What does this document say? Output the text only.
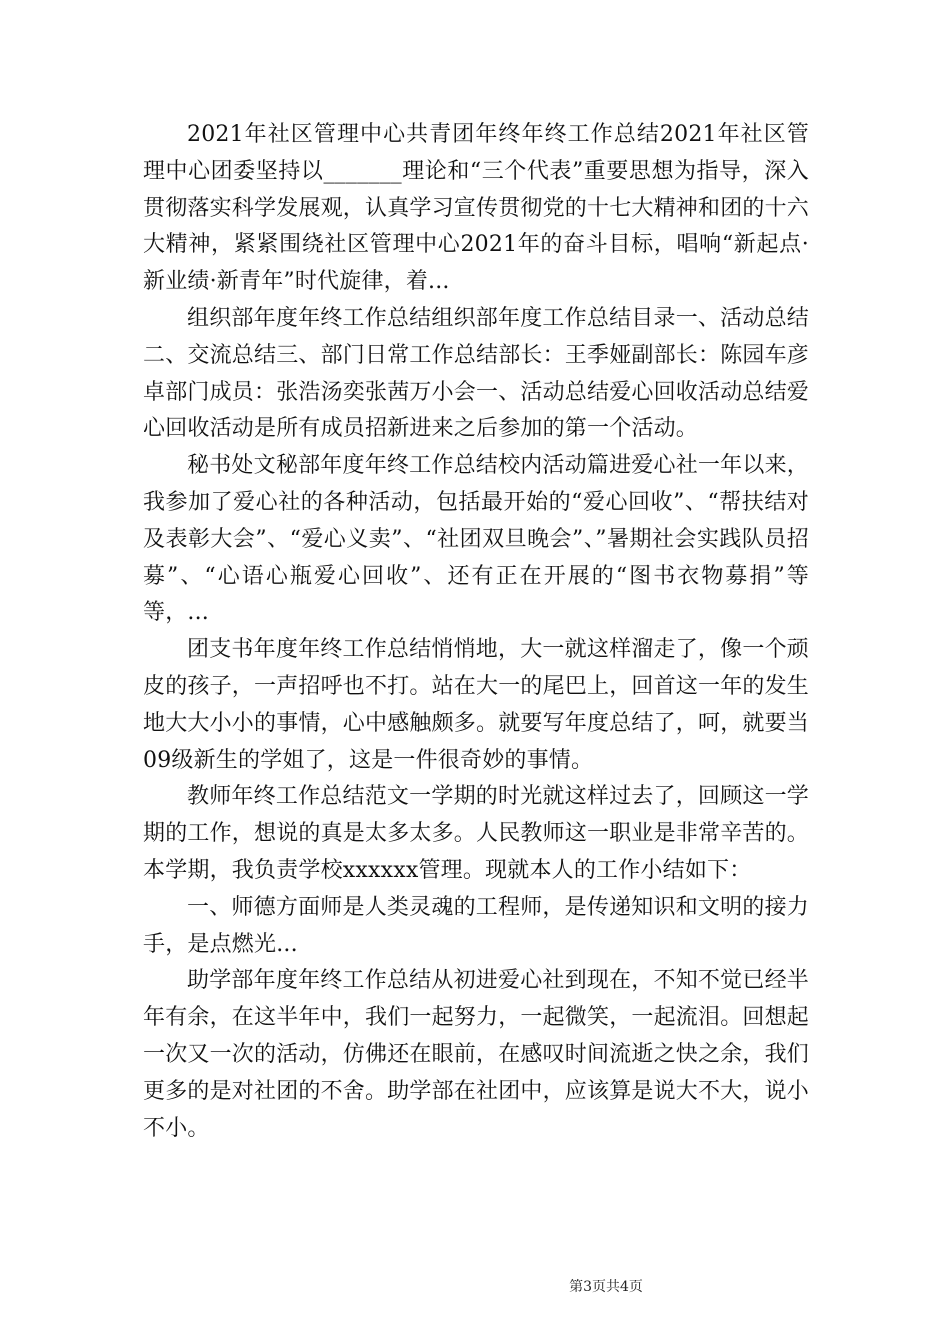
2021年社区管理中心共青团年终年终工作总结2021年社区管理中心团委坚持以_______理论和“三个代表”重要思想为指导，深入贯彻落实科学发展观，认真学习宣传贯彻党的十七大精神和团的十六大精神，紧紧围绕社区管理中心2021年的奋斗目标，唱响“新起点·新业绩·新青年”时代旋律，着...

组织部年度年终工作总结组织部年度工作总结目录一、活动总结二、交流总结三、部门日常工作总结部长：王季娅副部长：陈园车彦卓部门成员：张浩汤奕张茜万小会一、活动总结爱心回收活动总结爱心回收活动是所有成员招新进来之后参加的第一个活动。

秘书处文秘部年度年终工作总结校内活动篇进爱心社一年以来，我参加了爱心社的各种活动，包括最开始的“爱心回收”、“帮扶结对及表彰大会”、“爱心义卖”、“社团双旦晚会”、”暑期社会实践队员招募”、“心语心瓶爱心回收”、还有正在开展的“图书衣物募捐”等等，...

团支书年度年终工作总结悄悄地，大一就这样溜走了，像一个顽皮的孩子，一声招呼也不打。站在大一的尾巴上，回首这一年的发生地大大小小的事情，心中感触颇多。就要写年度总结了，呵，就要当09级新生的学姐了，这是一件很奇妙的事情。

教师年终工作总结范文一学期的时光就这样过去了，回顾这一学期的工作，想说的真是太多太多。人民教师这一职业是非常辛苦的。本学期，我负责学校xxxxxx管理。现就本人的工作小结如下：

一、师德方面师是人类灵魂的工程师，是传递知识和文明的接力手，是点燃光...

助学部年度年终工作总结从初进爱心社到现在，不知不觉已经半年有余，在这半年中，我们一起努力，一起微笑，一起流泪。回想起一次又一次的活动，仿佛还在眼前，在感叹时间流逝之快之余，我们更多的是对社团的不舍。助学部在社团中，应该算是说大不大，说小不小。

第3页共4页
